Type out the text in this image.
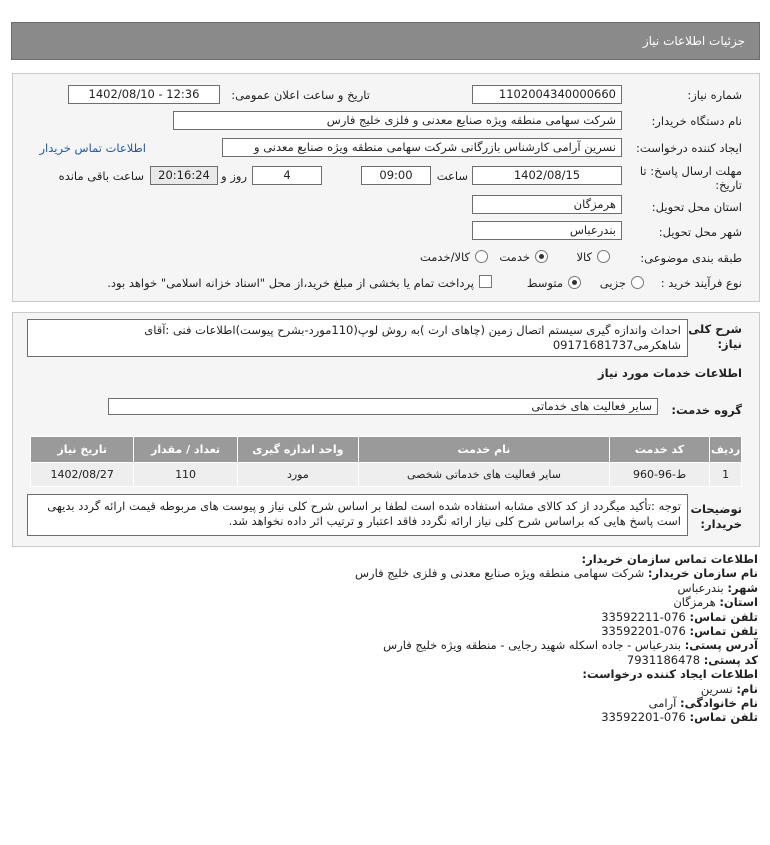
جزئیات اطلاعات نیاز
شماره نیاز:
1102004340000660
تاریخ و ساعت اعلان عمومی:
1402/08/10 - 12:36
نام دستگاه خریدار:
شرکت سهامی منطقه ویژه صنایع معدنی و فلزی خلیج فارس
ایجاد کننده درخواست:
نسرین آرامی کارشناس بازرگانی شرکت سهامی منطقه ویژه صنایع معدنی و
اطلاعات تماس خریدار
مهلت ارسال پاسخ: تا
تاریخ:
1402/08/15
ساعت
09:00
4
روز و
20:16:24
ساعت باقی مانده
استان محل تحویل:
هرمزگان
شهر محل تحویل:
بندرعباس
طبقه بندی موضوعی:
کالا
خدمت
کالا/خدمت
نوع فرآیند خرید :
جزیی
متوسط
پرداخت تمام یا بخشی از مبلغ خرید،از محل "اسناد خزانه اسلامی" خواهد بود.
شرح کلی
نیاز:
احداث واندازه گیری سیستم اتصال زمین (چاهای ارت )به روش لوپ(110مورد-بشرح پیوست)اطلاعات فنی :آقای شاهکرمی09171681737
اطلاعات خدمات مورد نیاز
گروه خدمت:
سایر فعالیت های خدماتی
ردیف	کد خدمت	نام خدمت	واحد اندازه گیری	تعداد / مقدار	تاریخ نیاز
1	ط-96-960	سایر فعالیت های خدماتی شخصی	مورد	110	1402/08/27
توضیحات
خریدار:
توجه :تأکید میگردد از کد کالای مشابه استفاده شده است لطفا بر اساس شرح کلی نیاز و پیوست های مربوطه قیمت ارائه گردد بدیهی است پاسخ هایی که براساس شرح کلی نیاز ارائه نگردد فاقد اعتبار و ترتیب اثر داده نخواهد شد.
اطلاعات تماس سازمان خریدار:
نام سازمان خریدار: شرکت سهامی منطقه ویژه صنایع معدنی و فلزی خلیج فارس
شهر: بندرعباس
استان: هرمزگان
تلفن تماس: 076-33592211
تلفن تماس: 076-33592201
آدرس پستی: بندرعباس - جاده اسکله شهید رجایی - منطقه ویژه خلیج فارس
کد پستی: 7931186478
اطلاعات ایجاد کننده درخواست:
نام: نسرین
نام خانوادگی: آرامی
تلفن تماس: 076-33592201
